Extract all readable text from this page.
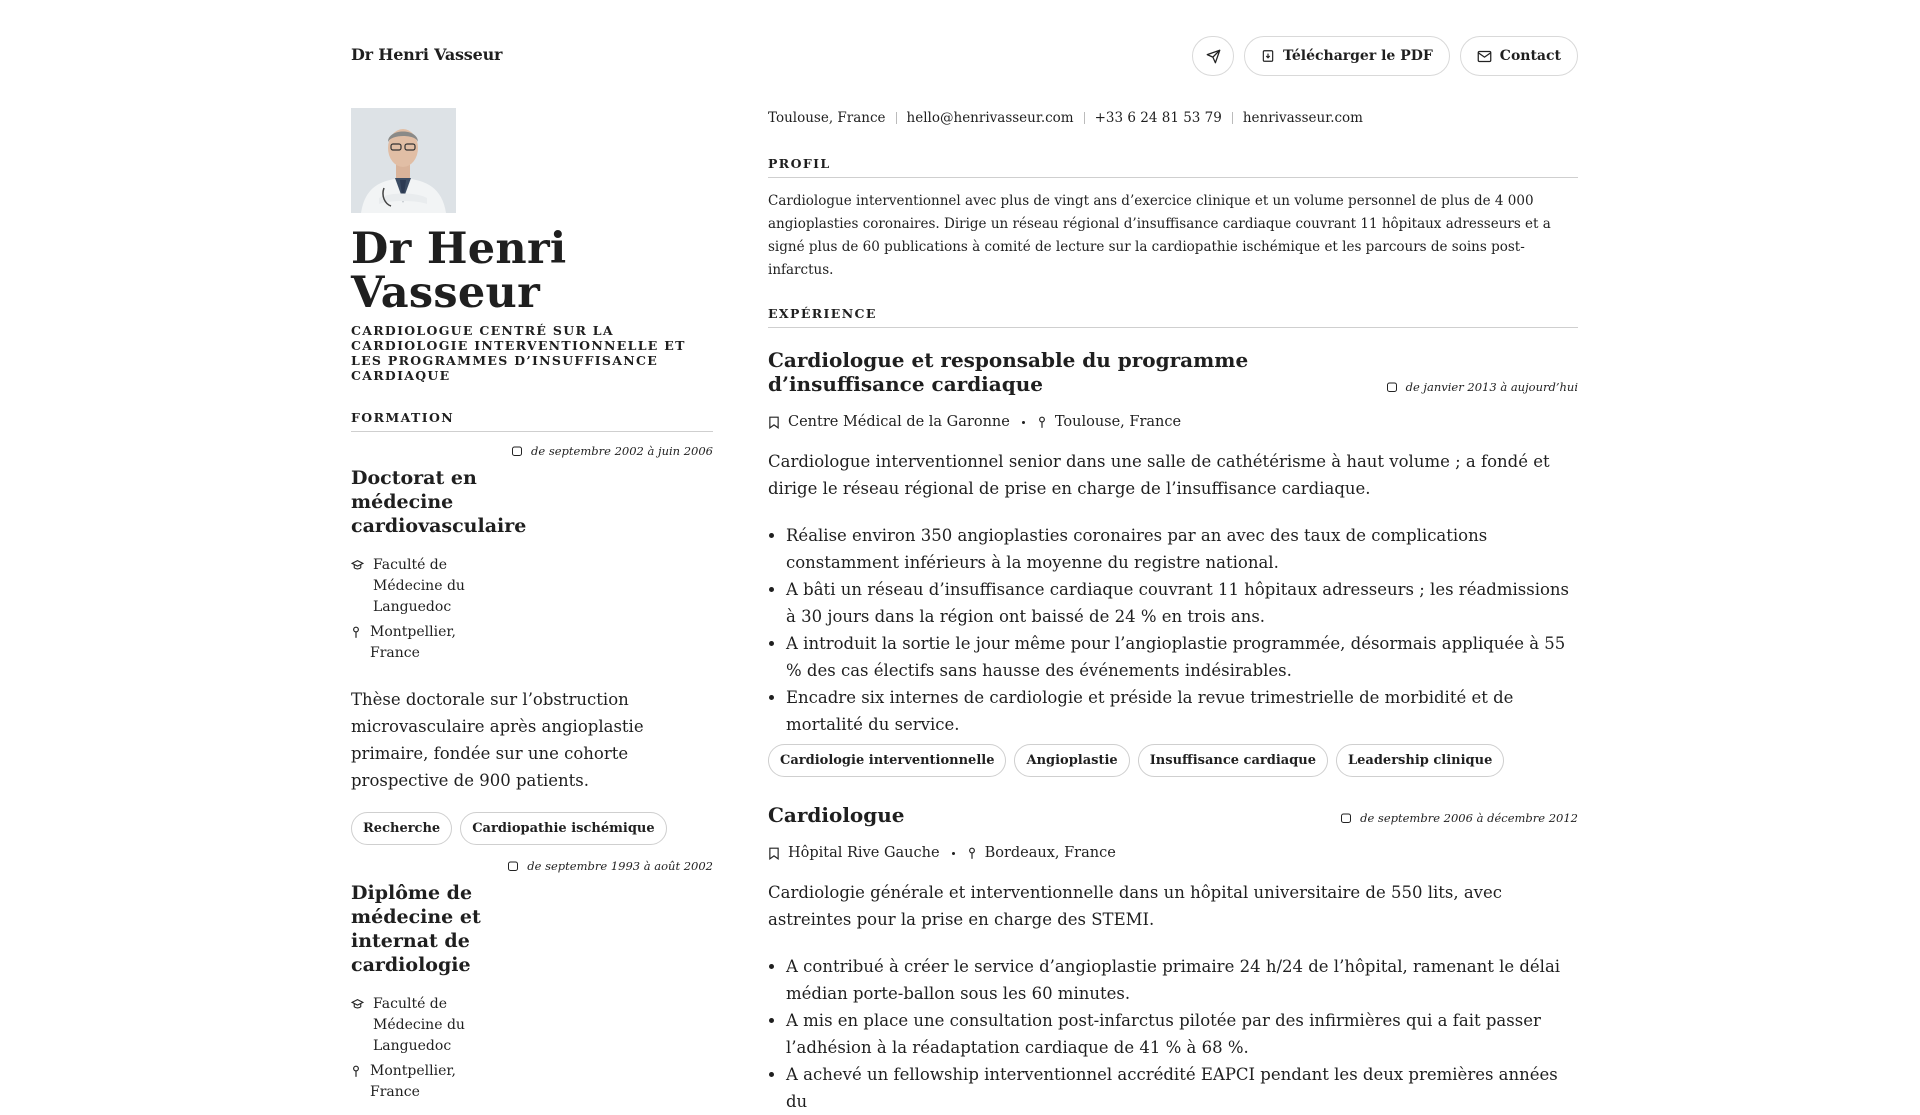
Dr Henri Vasseur	Télécharger le PDF	Contact
Dr Henri Vasseur
CARDIOLOGUE CENTRÉ SUR LA CARDIOLOGIE INTERVENTIONNELLE ET LES PROGRAMMES D’INSUFFISANCE CARDIAQUE
FORMATION
de septembre 2002 à juin 2006
Doctorat en médecine cardiovasculaire
Faculté de Médecine du Languedoc
Montpellier, France
Thèse doctorale sur l’obstruction microvasculaire après angioplastie primaire, fondée sur une cohorte prospective de 900 patients.
Recherche	Cardiopathie ischémique
de septembre 1993 à août 2002
Diplôme de médecine et internat de cardiologie
Faculté de Médecine du Languedoc
Montpellier, France
Toulouse, France hello@henrivasseur.com +33 6 24 81 53 79 henrivasseur.com
PROFIL
Cardiologue interventionnel avec plus de vingt ans d’exercice clinique et un volume personnel de plus de 4 000 angioplasties coronaires. Dirige un réseau régional d’insuffisance cardiaque couvrant 11 hôpitaux adresseurs et a signé plus de 60 publications à comité de lecture sur la cardiopathie ischémique et les parcours de soins post-infarctus.
EXPÉRIENCE
Cardiologue et responsable du programme d’insuffisance cardiaque	de janvier 2013 à aujourd’hui
Centre Médical de la Garonne	Toulouse, France
Cardiologue interventionnel senior dans une salle de cathétérisme à haut volume ; a fondé et dirige le réseau régional de prise en charge de l’insuffisance cardiaque.
• Réalise environ 350 angioplasties coronaires par an avec des taux de complications constamment inférieurs à la moyenne du registre national.
• A bâti un réseau d’insuffisance cardiaque couvrant 11 hôpitaux adresseurs ; les réadmissions à 30 jours dans la région ont baissé de 24 % en trois ans.
• A introduit la sortie le jour même pour l’angioplastie programmée, désormais appliquée à 55 % des cas électifs sans hausse des événements indésirables.
• Encadre six internes de cardiologie et préside la revue trimestrielle de morbidité et de mortalité du service.
Cardiologie interventionnelle	Angioplastie	Insuffisance cardiaque	Leadership clinique
Cardiologue	de septembre 2006 à décembre 2012
Hôpital Rive Gauche	Bordeaux, France
Cardiologie générale et interventionnelle dans un hôpital universitaire de 550 lits, avec astreintes pour la prise en charge des STEMI.
• A contribué à créer le service d’angioplastie primaire 24 h/24 de l’hôpital, ramenant le délai médian porte-ballon sous les 60 minutes.
• A mis en place une consultation post-infarctus pilotée par des infirmières qui a fait passer l’adhésion à la réadaptation cardiaque de 41 % à 68 %.
• A achevé un fellowship interventionnel accrédité EAPCI pendant les deux premières années du
